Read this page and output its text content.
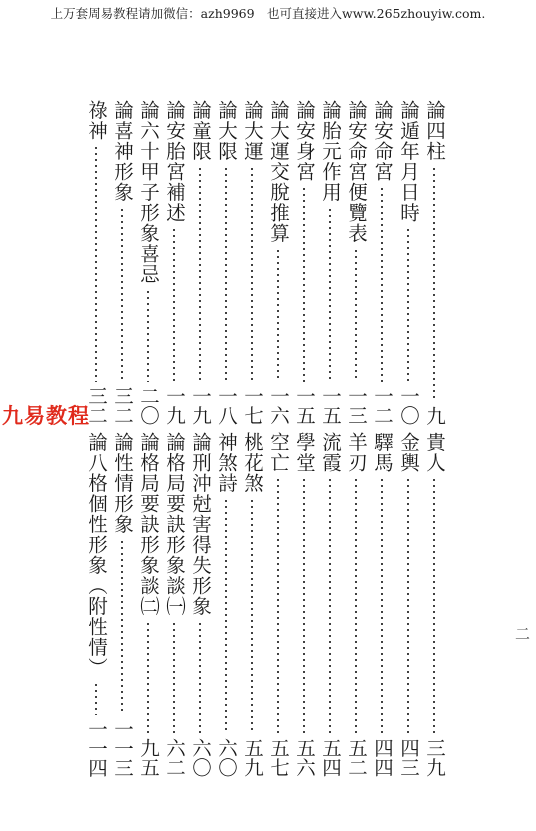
上万套周易教程请加微信：azh9969　也可直接进入www.265zhouyiw.com.
九易教程
二
論四柱
九
論遁年月日時
一〇
論安命宮
一二
論安命宮便覽表
一三
論胎元作用
一五
論安身宮
一五
論大運交脫推算
一六
論大運
一七
論大限
一八
論童限
一九
論安胎宮補述
一九
論六十甲子形象喜忌
二〇
論喜神形象
三二
祿神
三二
貴人
三九
金輿
四三
驛馬
四四
羊刃
五二
流霞
五四
學堂
五六
空亡
五七
桃花煞
五九
神煞詩
六〇
論刑沖尅害得失形象
六〇
論格局要訣形象談㈠
六二
論格局要訣形象談㈡
九五
論性情形象
一一三
論八格個性形象（附性情）
一一四
